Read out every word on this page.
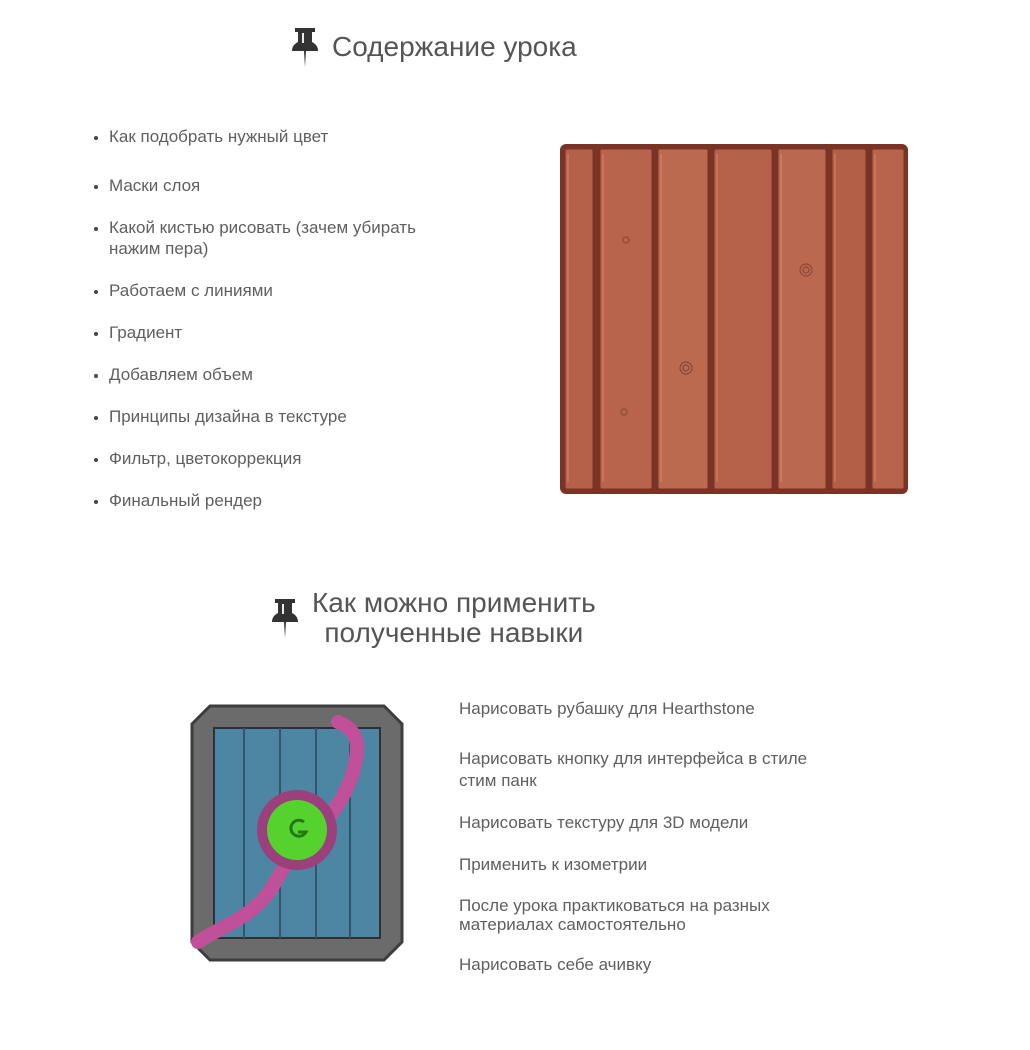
Содержание урока
Как подобрать нужный цвет
Маски слоя
Какой кистью рисовать (зачем убирать нажим пера)
Работаем с линиями
Градиент
Добавляем объем
Принципы дизайна в текстуре
Фильтр, цветокоррекция
Финальный рендер
Как можно применить
полученные навыки
Нарисовать рубашку для Hearthstone
Нарисовать кнопку для интерфейса в стиле стим панк
Нарисовать текстуру для 3D модели
Применить к изометрии
После урока практиковаться на разных материалах самостоятельно
Нарисовать себе ачивку
